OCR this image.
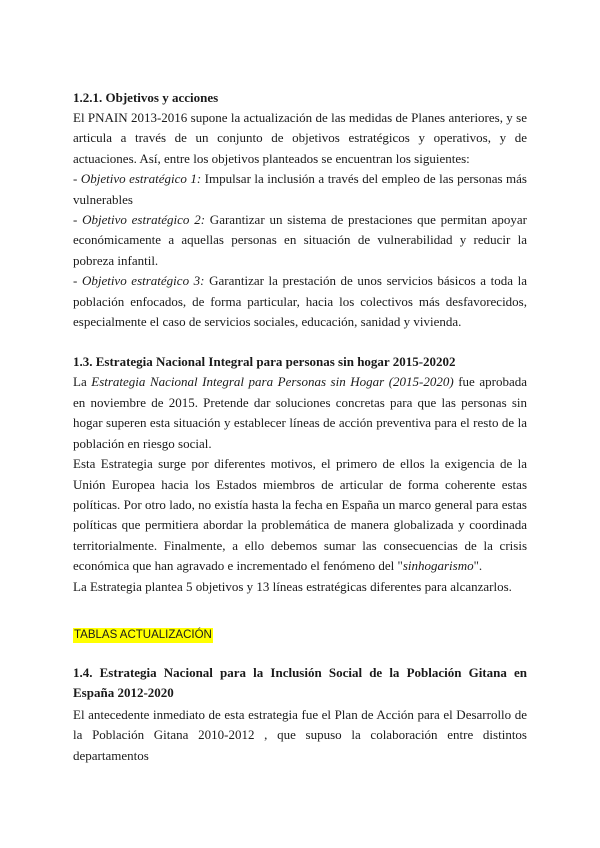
1.2.1. Objetivos y acciones

El PNAIN 2013-2016 supone la actualización de las medidas de Planes anteriores, y se articula a través de un conjunto de objetivos estratégicos y operativos, y de actuaciones. Así, entre los objetivos planteados se encuentran los siguientes:

- Objetivo estratégico 1: Impulsar la inclusión a través del empleo de las personas más vulnerables

- Objetivo estratégico 2: Garantizar un sistema de prestaciones que permitan apoyar económicamente a aquellas personas en situación de vulnerabilidad y reducir la pobreza infantil.

- Objetivo estratégico 3: Garantizar la prestación de unos servicios básicos a toda la población enfocados, de forma particular, hacia los colectivos más desfavorecidos, especialmente el caso de servicios sociales, educación, sanidad y vivienda.

1.3. Estrategia Nacional Integral para personas sin hogar 2015-20202

La Estrategia Nacional Integral para Personas sin Hogar (2015-2020) fue aprobada en noviembre de 2015. Pretende dar soluciones concretas para que las personas sin hogar superen esta situación y establecer líneas de acción preventiva para el resto de la población en riesgo social.

Esta Estrategia surge por diferentes motivos, el primero de ellos la exigencia de la Unión Europea hacia los Estados miembros de articular de forma coherente estas políticas. Por otro lado, no existía hasta la fecha en España un marco general para estas políticas que permitiera abordar la problemática de manera globalizada y coordinada territorialmente. Finalmente, a ello debemos sumar las consecuencias de la crisis económica que han agravado e incrementado el fenómeno del "sinhogarismo".

La Estrategia plantea 5 objetivos y 13 líneas estratégicas diferentes para alcanzarlos.

TABLAS ACTUALIZACIÓN
1.4. Estrategia Nacional para la Inclusión Social de la Población Gitana en España 2012-2020

El antecedente inmediato de esta estrategia fue el Plan de Acción para el Desarrollo de la Población Gitana 2010-2012 , que supuso la colaboración entre distintos departamentos
